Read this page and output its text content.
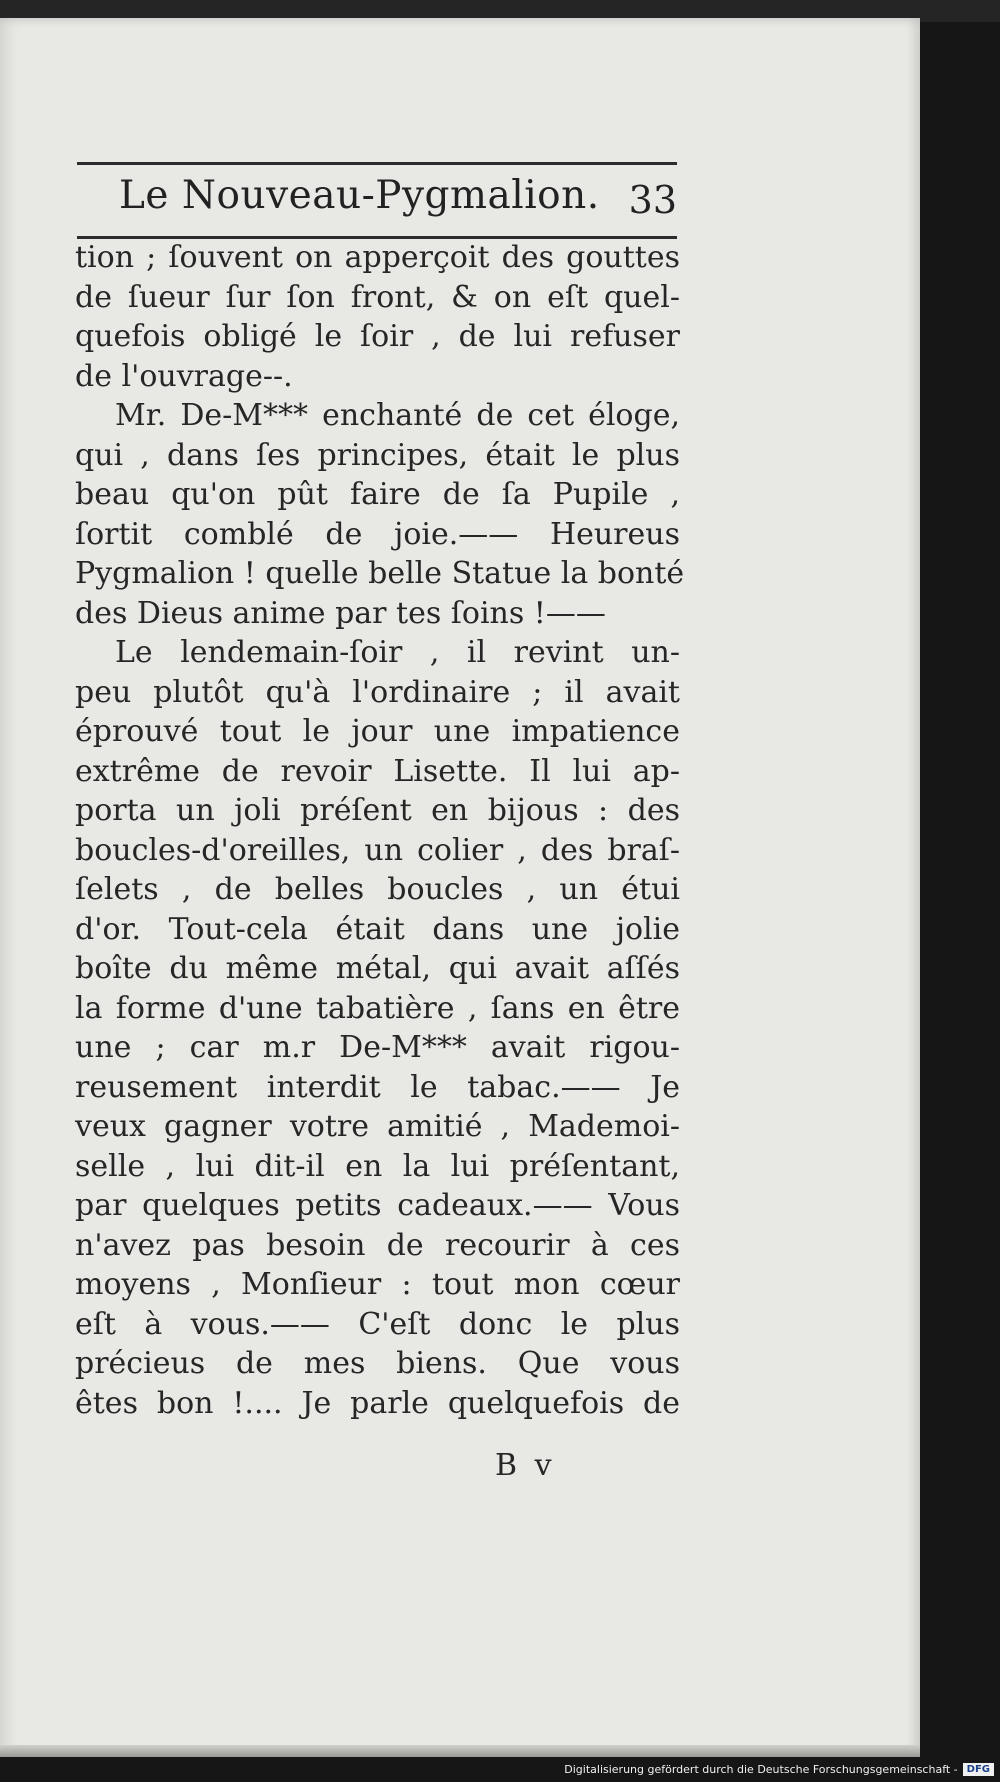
Le Nouveau-Pygmalion. 33
tion ; ſouvent on apperçoit des gouttes
de ſueur ſur ſon front, & on eſt quel-
quefois obligé le ſoir , de lui refuser
de l'ouvrage--.
Mr. De-M*** enchanté de cet éloge,
qui , dans ſes principes, était le plus
beau qu'on pût faire de ſa Pupile ,
ſortit comblé de joie.—— Heureus
Pygmalion ! quelle belle Statue la bonté
des Dieus anime par tes ſoins !——
Le lendemain-ſoir , il revint un-
peu plutôt qu'à l'ordinaire ; il avait
éprouvé tout le jour une impatience
extrême de revoir Lisette. Il lui ap-
porta un joli préſent en bijous : des
boucles-d'oreilles, un colier , des braſ-
ſelets , de belles boucles , un étui
d'or. Tout-cela était dans une jolie
boîte du même métal, qui avait aſſés
la forme d'une tabatière , ſans en être
une ; car m.r De-M*** avait rigou-
reusement interdit le tabac.—— Je
veux gagner votre amitié , Mademoi-
selle , lui dit-il en la lui préſentant,
par quelques petits cadeaux.—— Vous
n'avez pas besoin de recourir à ces
moyens , Monſieur : tout mon cœur
eſt à vous.—— C'eſt donc le plus
précieus de mes biens. Que vous
êtes bon !.... Je parle quelquefois de
B v
Digitalisierung gefördert durch die Deutsche Forschungsgemeinschaft - DFG
